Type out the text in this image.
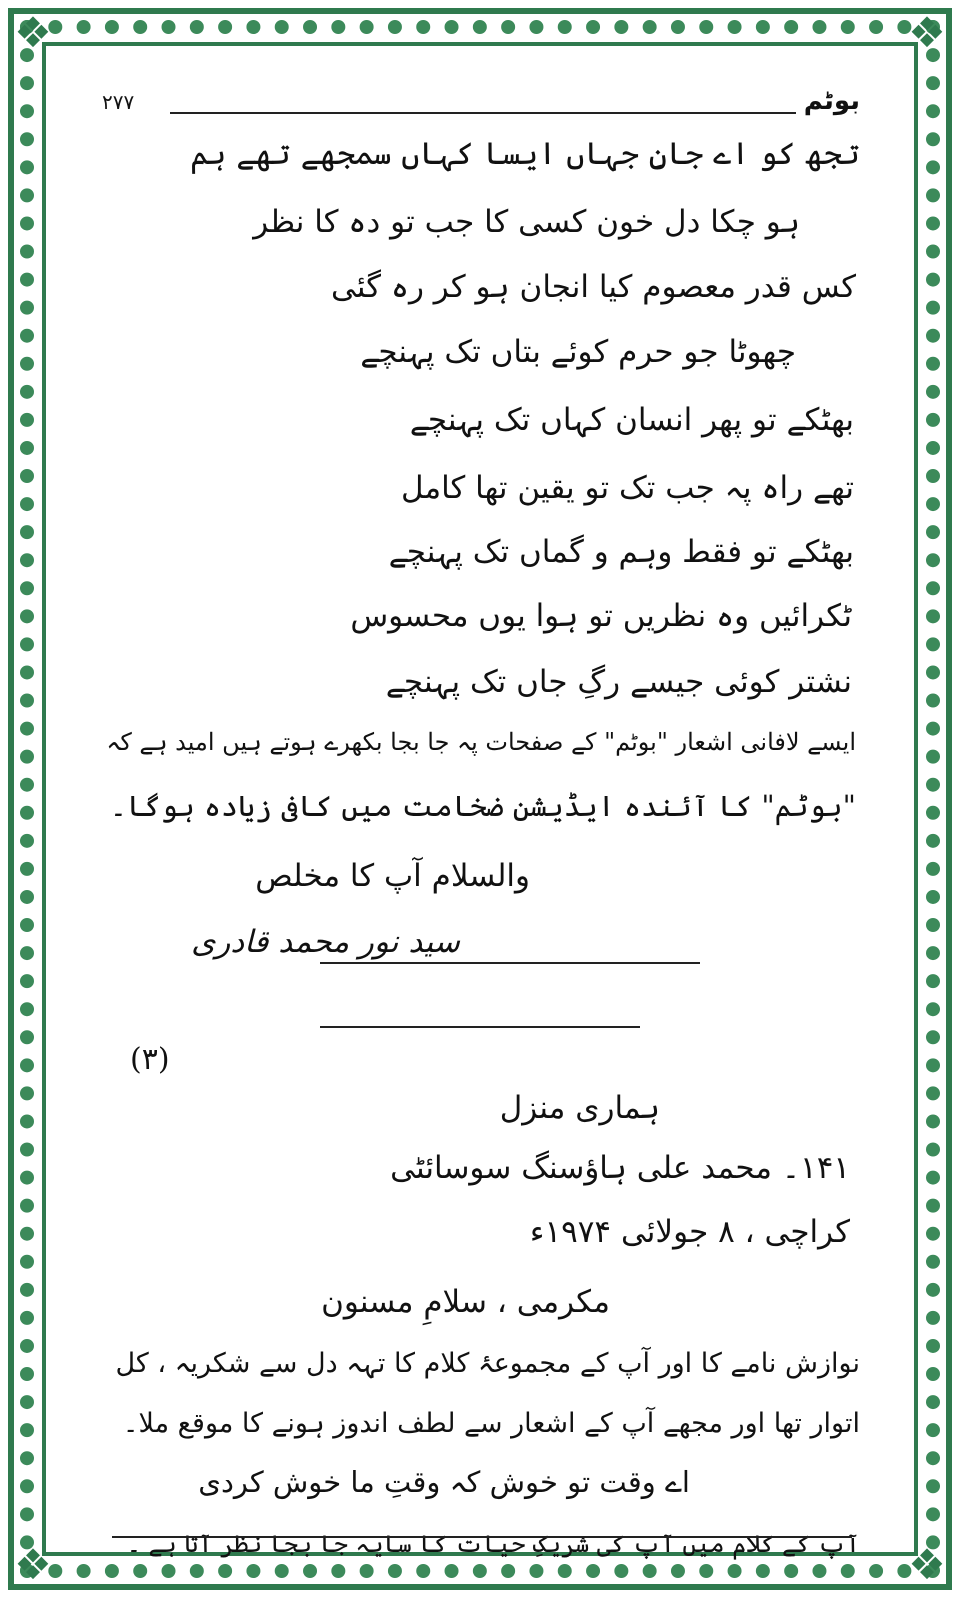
❖	❖
❖	❖
بوٹم
۲۷۷
تجھ کو اے جانِ جہاں ایسا کہاں سمجھے تھے ہم
ہو چکا دل خون کسی کا جب تو دہ کا نظر
کس قدر معصوم کیا انجان ہو کر رہ گئی
چھوٹا جو حرم کوئے بتاں تک پہنچے
بھٹکے تو پھر انسان کہاں تک پہنچے
تھے راہ پہ جب تک تو یقین تھا کامل
بھٹکے تو فقط وہم و گماں تک پہنچے
ٹکرائیں وہ نظریں تو ہوا یوں محسوس
نشتر کوئی جیسے رگِ جاں تک پہنچے
ایسے لافانی اشعار "بوٹم" کے صفحات پہ جا بجا بکھرے ہوتے ہیں امید ہے کہ
"بوٹم" کا آئندہ ایڈیشن ضخامت میں کافی زیادہ ہوگا۔
والسلام آپ کا مخلص
سید نور محمد قادری
(۳)
ہماری منزل
۱۴۱۔ محمد علی ہاؤسنگ سوسائٹی
کراچی ، ۸ جولائی ۱۹۷۴ء
مکرمی ، سلامِ مسنون
نوازش نامے کا اور آپ کے مجموعۂ کلام کا تہہ دل سے شکریہ ، کل
اتوار تھا اور مجھے آپ کے اشعار سے لطف اندوز ہونے کا موقع ملا۔
اے وقت تو خوش کہ وقتِ ما خوش کردی
آپ کے کلام میں آپ کی شریکِ حیات کا سایہ جا بجا نظر آتا ہے ۔
